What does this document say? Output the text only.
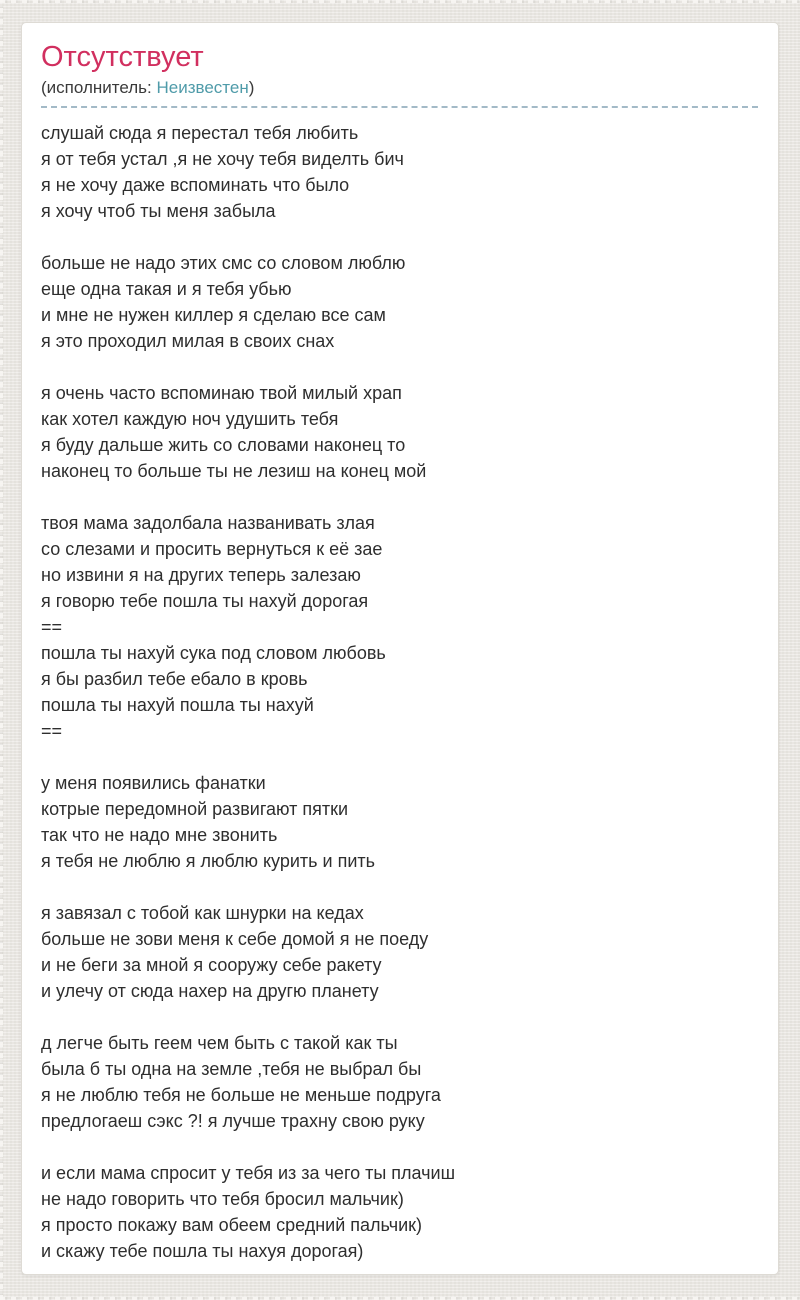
Отсутствует
(исполнитель: Неизвестен)
слушай сюда я перестал тебя любить
я от тебя устал ,я не хочу тебя виделть бич
я не хочу даже вспоминать что было
я хочу чтоб ты меня забыла
больше не надо этих смс со словом люблю
еще одна такая и я тебя убью
и мне не нужен киллер я сделаю все сам
я это проходил милая в своих снах
я очень часто вспоминаю твой милый храп
как хотел каждую ноч удушить тебя
я буду дальше жить со словами наконец то
наконец то больше ты не лезиш на конец мой
твоя мама задолбала названивать злая
со слезами и просить вернуться к её зае
но извини я на других теперь залезаю
я говорю тебе пошла ты нахуй дорогая
==
пошла ты нахуй сука под словом любовь
я бы разбил тебе ебало в кровь
пошла ты нахуй пошла ты нахуй
==
у меня появились фанатки
котрые передомной развигают пятки
так что не надо мне звонить
я тебя не люблю я люблю курить и пить
я завязал с тобой как шнурки на кедах
больше не зови меня к себе домой я не поеду
и не беги за мной я сооружу себе ракету
и улечу от сюда нахер на другю планету
д легче быть геем чем быть с такой как ты
была б ты одна на земле ,тебя не выбрал бы
я не люблю тебя не больше не меньше подруга
предлогаеш сэкс ?! я лучше трахну свою руку
и если мама спросит у тебя из за чего ты плачиш
не надо говорить что тебя бросил мальчик)
я просто покажу вам обеем средний пальчик)
и скажу тебе пошла ты нахуя дорогая)
